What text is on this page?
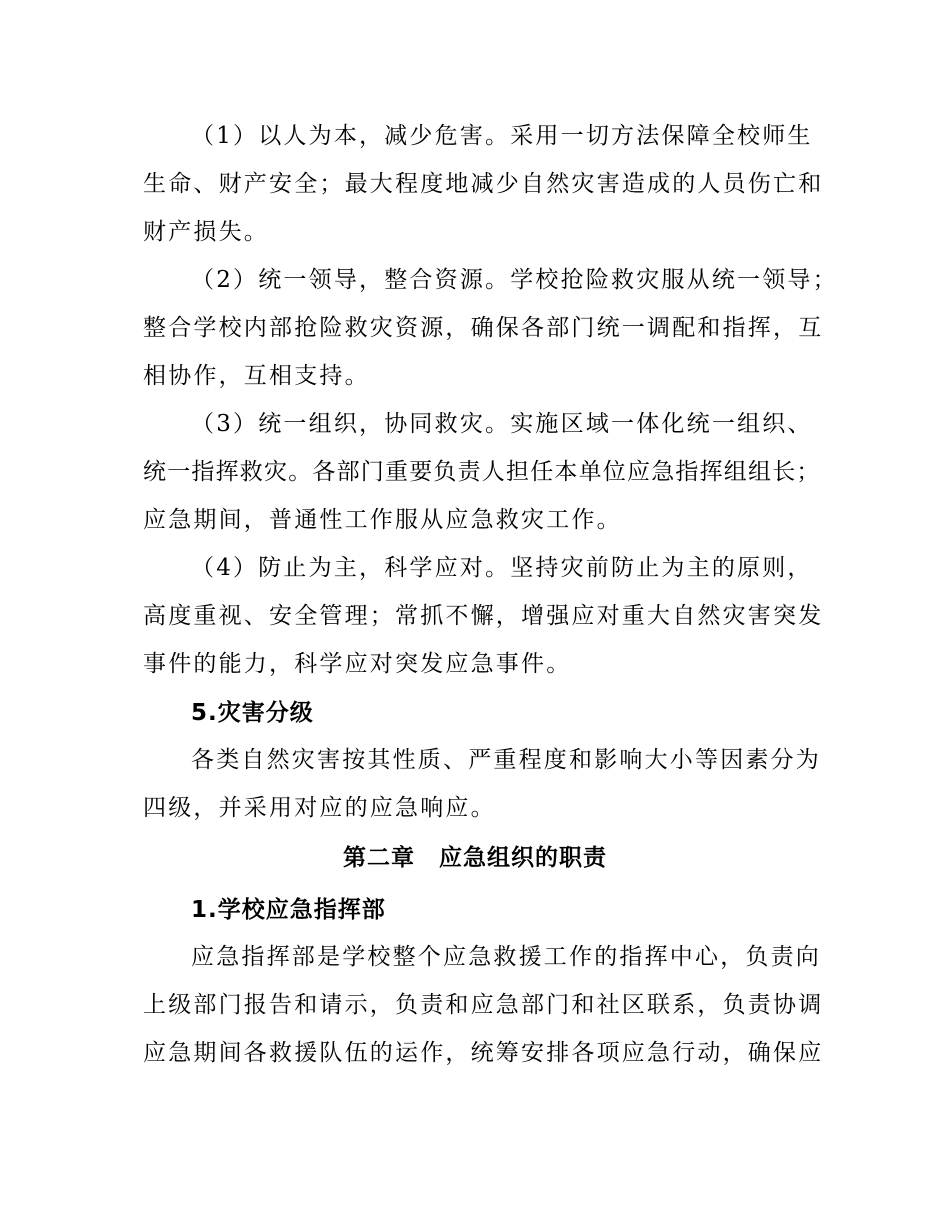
（1）以人为本，减少危害。采用一切方法保障全校师生
生命、财产安全；最大程度地减少自然灾害造成的人员伤亡和
财产损失。
（2）统一领导，整合资源。学校抢险救灾服从统一领导；
整合学校内部抢险救灾资源，确保各部门统一调配和指挥，互
相协作，互相支持。
（3）统一组织，协同救灾。实施区域一体化统一组织、
统一指挥救灾。各部门重要负责人担任本单位应急指挥组组长；
应急期间，普通性工作服从应急救灾工作。
（4）防止为主，科学应对。坚持灾前防止为主的原则，
高度重视、安全管理；常抓不懈，增强应对重大自然灾害突发
事件的能力，科学应对突发应急事件。
5.灾害分级
各类自然灾害按其性质、严重程度和影响大小等因素分为
四级，并采用对应的应急响应。
第二章　应急组织的职责
1.学校应急指挥部
应急指挥部是学校整个应急救援工作的指挥中心，负责向
上级部门报告和请示，负责和应急部门和社区联系，负责协调
应急期间各救援队伍的运作，统筹安排各项应急行动，确保应
